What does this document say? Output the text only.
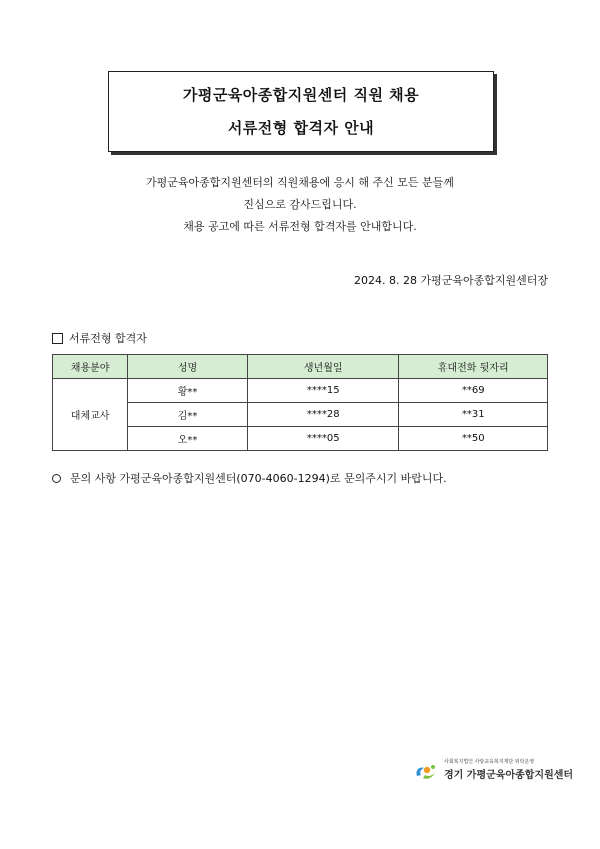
가평군육아종합지원센터 직원 채용
서류전형 합격자 안내
가평군육아종합지원센터의 직원채용에 응시 해 주신 모든 분들께
진심으로 감사드립니다.
채용 공고에 따른 서류전형 합격자를 안내합니다.
2024. 8. 28 가평군육아종합지원센터장
서류전형 합격자
채용분야	성명	생년월일	휴대전화 뒷자리
대체교사	황**	****15	**69
	김**	****28	**31
	오**	****05	**50
문의 사항 가평군육아종합지원센터(070-4060-1294)로 문의주시기 바랍니다.
사회복지법인 사랑교육복지재단 위탁운영
경기 가평군육아종합지원센터
